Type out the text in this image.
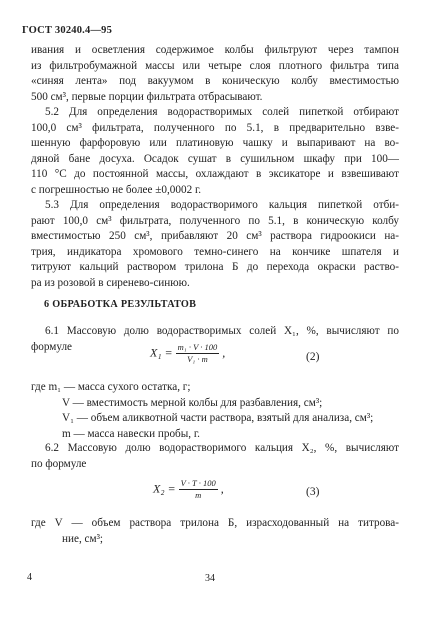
ГОСТ 30240.4—95
ивания и осветления содержимое колбы фильтруют через тампон
из фильтробумажной массы или четыре слоя плотного фильтра типа
«синяя лента» под вакуумом в коническую колбу вместимостью
500 см³, первые порции фильтрата отбрасывают.
5.2 Для определения водорастворимых солей пипеткой отбирают
100,0 см³ фильтрата, полученного по 5.1, в предварительно взве-
шенную фарфоровую или платиновую чашку и выпаривают на во-
дяной бане досуха. Осадок сушат в сушильном шкафу при 100—
110 °С до постоянной массы, охлаждают в эксикаторе и взвешивают
с погрешностью не более ±0,0002 г.
5.3 Для определения водорастворимого кальция пипеткой отби-
рают 100,0 см³ фильтрата, полученного по 5.1, в коническую колбу
вместимостью 250 см³, прибавляют 20 см³ раствора гидроокиси на-
трия, индикатора хромового темно-синего на кончике шпателя и
титруют кальций раствором трилона Б до перехода окраски раство-
ра из розовой в сиренево-синюю.
6 ОБРАБОТКА РЕЗУЛЬТАТОВ
6.1 Массовую долю водорастворимых солей X₁, %, вычисляют по
формуле	$X_1 = \frac{\text{m₁ · V · 100}}{\text{V₁ · m}}$ ,	(2)
где m₁ — масса сухого остатка, г;
V — вместимость мерной колбы для разбавления, см³;
V₁ — объем аликвотной части раствора, взятый для анализа, см³;
m — масса навески пробы, г.
6.2 Массовую долю водорастворимого кальция X₂, %, вычисляют
по формуле
$X_2 = \frac{V \cdot T \cdot 100}{m}$ ,	(3)
где V — объем раствора трилона Б, израсходованный на титрова-
ние, см³;
4	34
